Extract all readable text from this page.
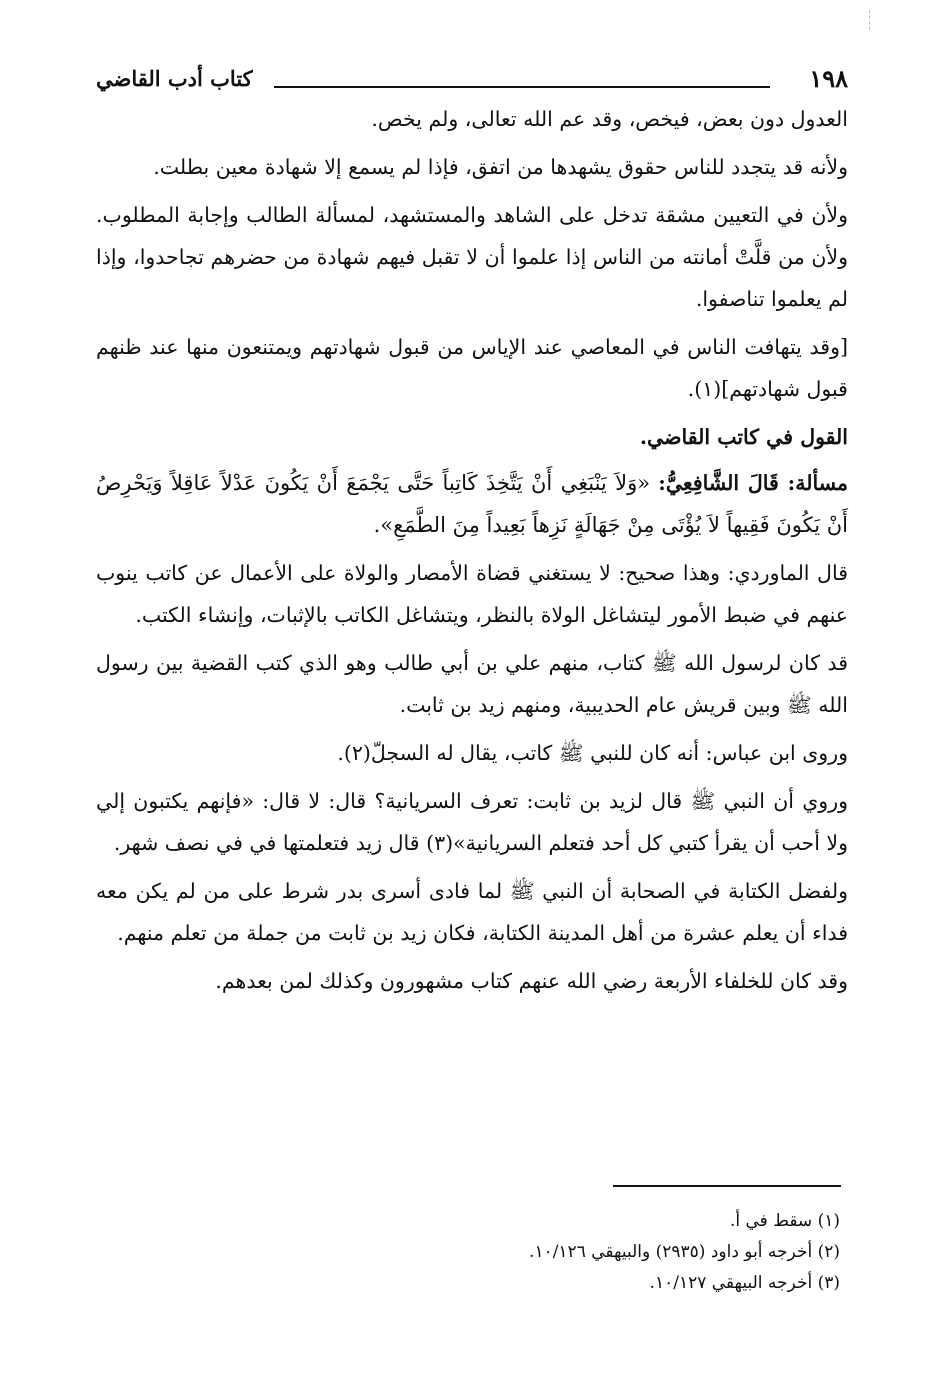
١٩٨
كتاب أدب القاضي

العدول دون بعض، فيخص، وقد عم الله تعالى، ولم يخص.

ولأنه قد يتجدد للناس حقوق يشهدها من اتفق، فإذا لم يسمع إلا شهادة معين بطلت.

ولأن في التعيين مشقة تدخل على الشاهد والمستشهد، لمسألة الطالب وإجابة المطلوب. ولأن من قلَّتْ أمانته من الناس إذا علموا أن لا تقبل فيهم شهادة من حضرهم تجاحدوا، وإذا لم يعلموا تناصفوا.

[وقد يتهافت الناس في المعاصي عند الإياس من قبول شهادتهم ويمتنعون منها عند ظنهم قبول شهادتهم](١).

القول في كاتب القاضي.

مسألة: قَالَ الشَّافِعِيُّ: «وَلاَ يَنْبَغِي أَنْ يَتَّخِذَ كَاتِباً حَتَّى يَجْمَعَ أَنْ يَكُونَ عَدْلاً عَاقِلاً وَيَحْرِصُ أَنْ يَكُونَ فَقِيهاً لاَ يُؤْتَى مِنْ جَهَالَةٍ نَزِهاً بَعِيداً مِنَ الطَّمَعِ».

قال الماوردي: وهذا صحيح: لا يستغني قضاة الأمصار والولاة على الأعمال عن كاتب ينوب عنهم في ضبط الأمور ليتشاغل الولاة بالنظر، ويتشاغل الكاتب بالإثبات، وإنشاء الكتب.

قد كان لرسول الله ﷺ كتاب، منهم علي بن أبي طالب وهو الذي كتب القضية بين رسول الله ﷺ وبين قريش عام الحديبية، ومنهم زيد بن ثابت.

وروى ابن عباس: أنه كان للنبي ﷺ كاتب، يقال له السجلّ(٢).

وروي أن النبي ﷺ قال لزيد بن ثابت: تعرف السريانية؟ قال: لا قال: «فإنهم يكتبون إلي ولا أحب أن يقرأ كتبي كل أحد فتعلم السريانية»(٣) قال زيد فتعلمتها في في نصف شهر.

ولفضل الكتابة في الصحابة أن النبي ﷺ لما فادى أسرى بدر شرط على من لم يكن معه فداء أن يعلم عشرة من أهل المدينة الكتابة، فكان زيد بن ثابت من جملة من تعلم منهم.

وقد كان للخلفاء الأربعة رضي الله عنهم كتاب مشهورون وكذلك لمن بعدهم.

(١) سقط في أ.

(٢) أخرجه أبو داود (٢٩٣٥) والبيهقي ١٠/١٢٦.

(٣) أخرجه البيهقي ١٠/١٢٧.
